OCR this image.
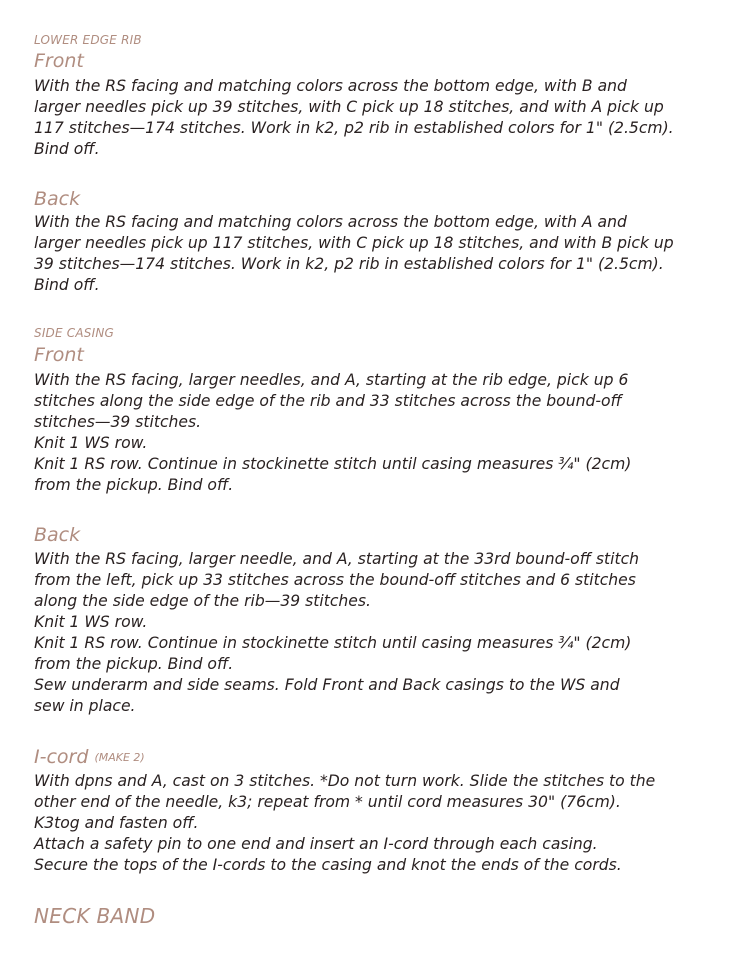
LOWER EDGE RIB
Front
With the RS facing and matching colors across the bottom edge, with B and
larger needles pick up 39 stitches, with C pick up 18 stitches, and with A pick up
117 stitches—174 stitches. Work in k2, p2 rib in established colors for 1" (2.5cm).
Bind off.
Back
With the RS facing and matching colors across the bottom edge, with A and
larger needles pick up 117 stitches, with C pick up 18 stitches, and with B pick up
39 stitches—174 stitches. Work in k2, p2 rib in established colors for 1" (2.5cm).
Bind off.
SIDE CASING
Front
With the RS facing, larger needles, and A, starting at the rib edge, pick up 6
stitches along the side edge of the rib and 33 stitches across the bound-off
stitches—39 stitches.
Knit 1 WS row.
Knit 1 RS row. Continue in stockinette stitch until casing measures ¾" (2cm)
from the pickup. Bind off.
Back
With the RS facing, larger needle, and A, starting at the 33rd bound-off stitch
from the left, pick up 33 stitches across the bound-off stitches and 6 stitches
along the side edge of the rib—39 stitches.
Knit 1 WS row.
Knit 1 RS row. Continue in stockinette stitch until casing measures ¾" (2cm)
from the pickup. Bind off.
Sew underarm and side seams. Fold Front and Back casings to the WS and
sew in place.
I-cord (MAKE 2)
With dpns and A, cast on 3 stitches. *Do not turn work. Slide the stitches to the
other end of the needle, k3; repeat from * until cord measures 30" (76cm).
K3tog and fasten off.
Attach a safety pin to one end and insert an I-cord through each casing.
Secure the tops of the I-cords to the casing and knot the ends of the cords.
NECK BAND
